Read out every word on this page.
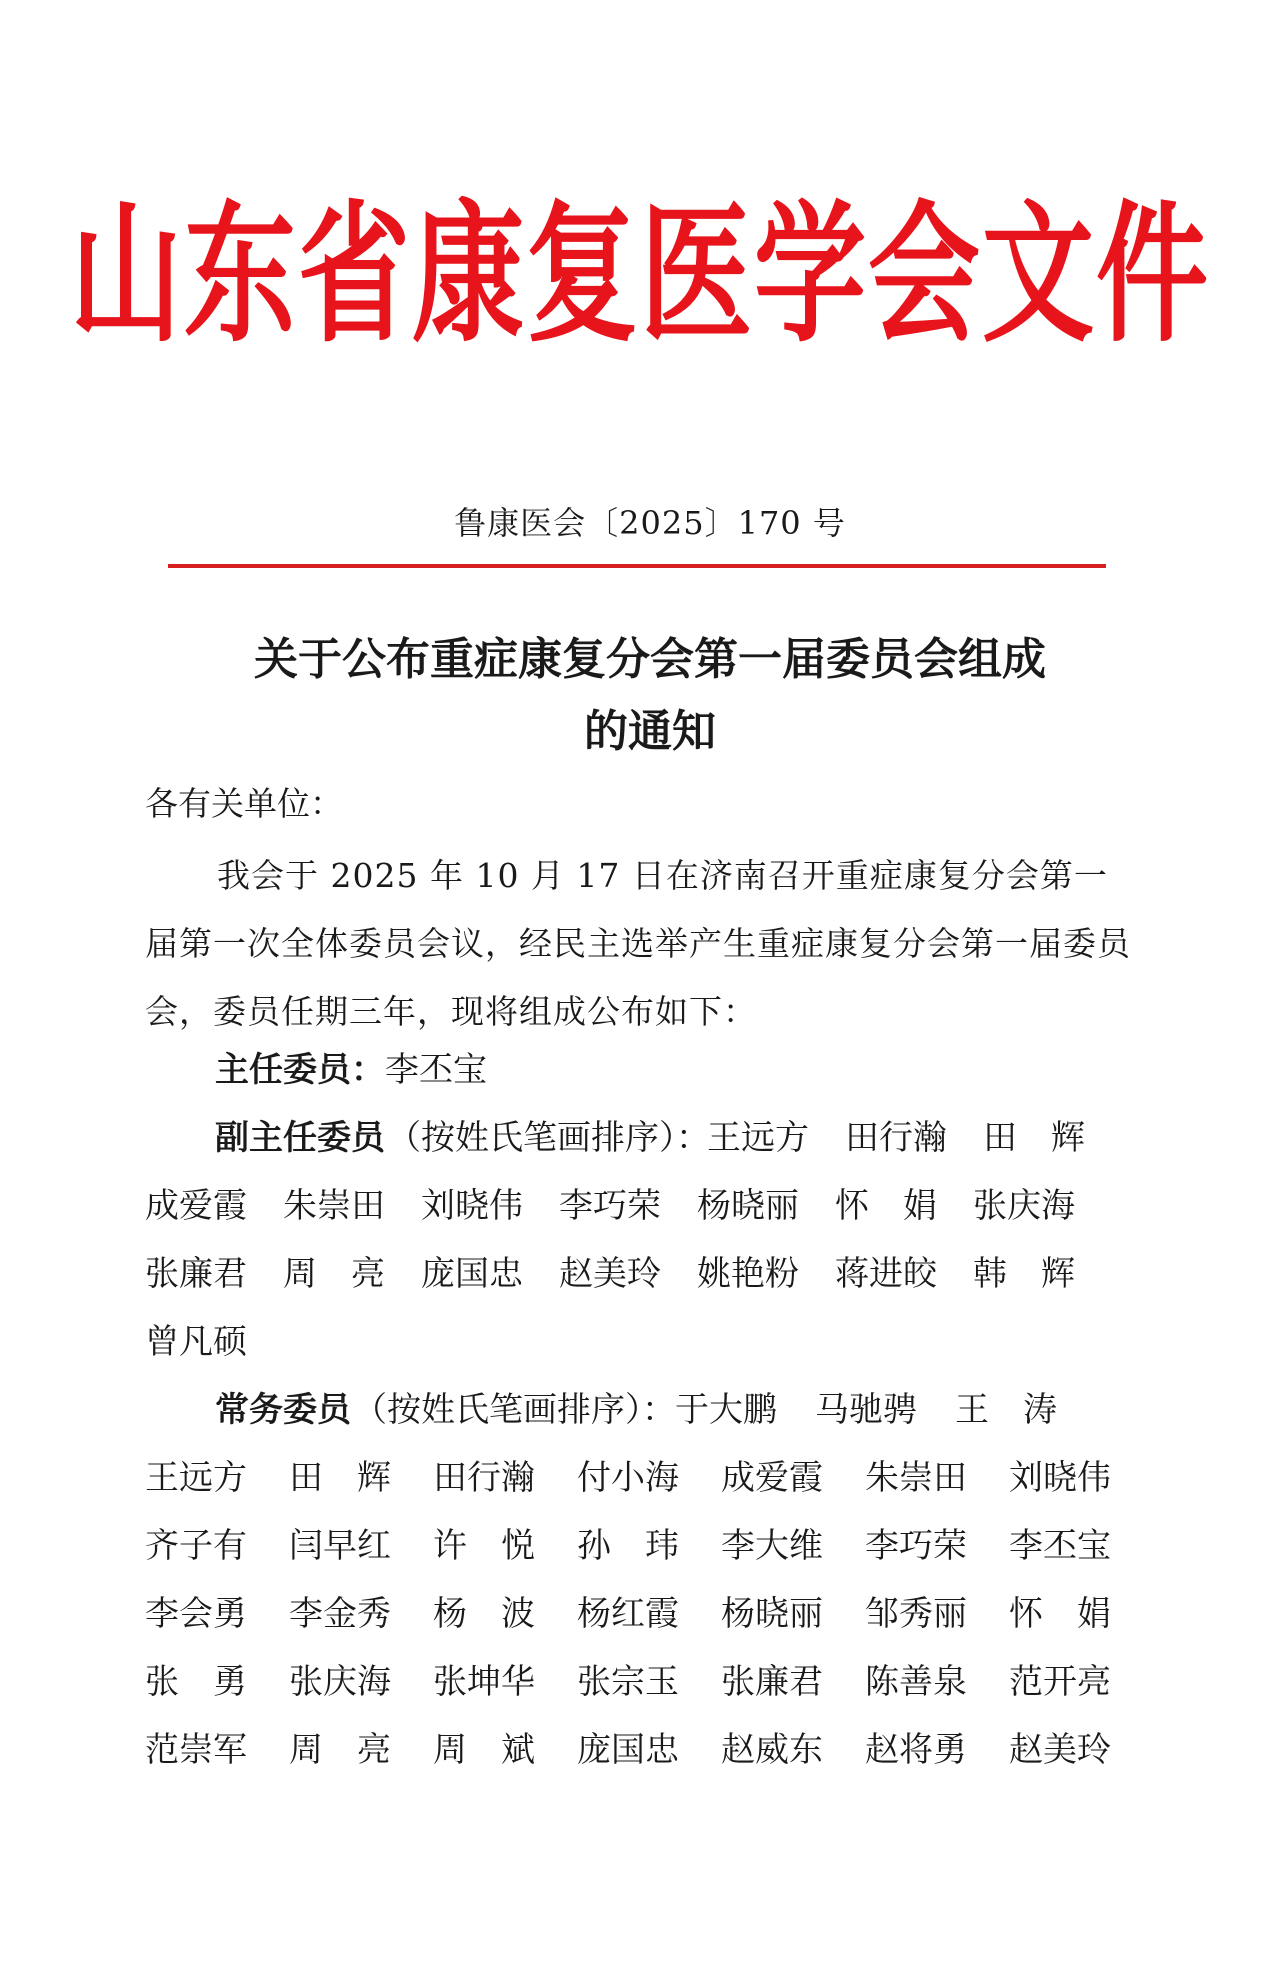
山东省康复医学会文件
鲁康医会〔2025〕170 号
关于公布重症康复分会第一届委员会组成
的通知
各有关单位：
我会于 2025 年 10 月 17 日在济南召开重症康复分会第一届第一次全体委员会议，经民主选举产生重症康复分会第一届委员会，委员任期三年，现将组成公布如下：
主任委员：李丕宝
副主任委员（按姓氏笔画排序）：
王远方 田行瀚 田　辉
成爱霞 朱崇田 刘晓伟 李巧荣 杨晓丽 怀　娟 张庆海
张廉君 周　亮 庞国忠 赵美玲 姚艳粉 蒋进皎 韩　辉
曾凡硕
常务委员（按姓氏笔画排序）： 于大鹏 马驰骋 王　涛
王远方 田　辉 田行瀚 付小海 成爱霞 朱崇田 刘晓伟
齐子有 闫早红 许　悦 孙　玮 李大维 李巧荣 李丕宝
李会勇 李金秀 杨　波 杨红霞 杨晓丽 邹秀丽 怀　娟
张　勇 张庆海 张坤华 张宗玉 张廉君 陈善泉 范开亮
范崇军 周　亮 周　斌 庞国忠 赵威东 赵将勇 赵美玲
